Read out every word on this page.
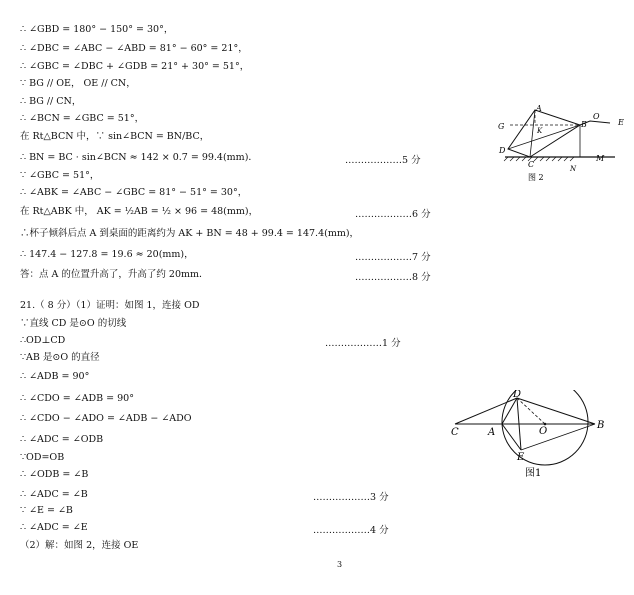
∴ ∠GBD = 180° − 150° = 30°，
∴ ∠DBC = ∠ABC − ∠ABD = 81° − 60° = 21°，
∴ ∠GBC = ∠DBC + ∠GDB = 21° + 30° = 51°，
∵ BG // OE， OE // CN，
∴ BG // CN，
∴ ∠BCN = ∠GBC = 51°，
在 Rt△BCN 中，∵ sin∠BCN = BN/BC，
∴ BN = BC · sin∠BCN ≈ 142 × 0.7 = 99.4(mm)．
∵ ∠GBC = 51°，
∴ ∠ABK = ∠ABC − ∠GBC = 81° − 51° = 30°，
在 Rt△ABK 中， AK = ½AB = ½ × 96 = 48(mm)，
∴杯子倾斜后点 A 到桌面的距离约为 AK + BN = 48 + 99.4 = 147.4(mm)，
∴ 147.4 − 127.8 = 19.6 ≈ 20(mm)，
答：点 A 的位置升高了，升高了约 20mm．
21.（ 8 分）（1）证明：如图 1，连接 OD
∵直线 CD 是⊙O 的切线
∴OD⊥CD
∵AB 是⊙O 的直径
∴ ∠ADB = 90°
∴ ∠CDO = ∠ADB = 90°
∴ ∠CDO − ∠ADO = ∠ADB − ∠ADO
∴ ∠ADC = ∠ODB
∵OD=OB
∴ ∠ODB = ∠B
∴ ∠ADC = ∠B
∵ ∠E = ∠B
∴ ∠ADC = ∠E
（2）解：如图 2，连接 OE
………………5 分
………………6 分
………………7 分
………………8 分
………………1 分
………………3 分
………………4 分
A
B
C
D
G	K
O
E
M
N
图 2
C	A	O
B
D
E
图1
3
